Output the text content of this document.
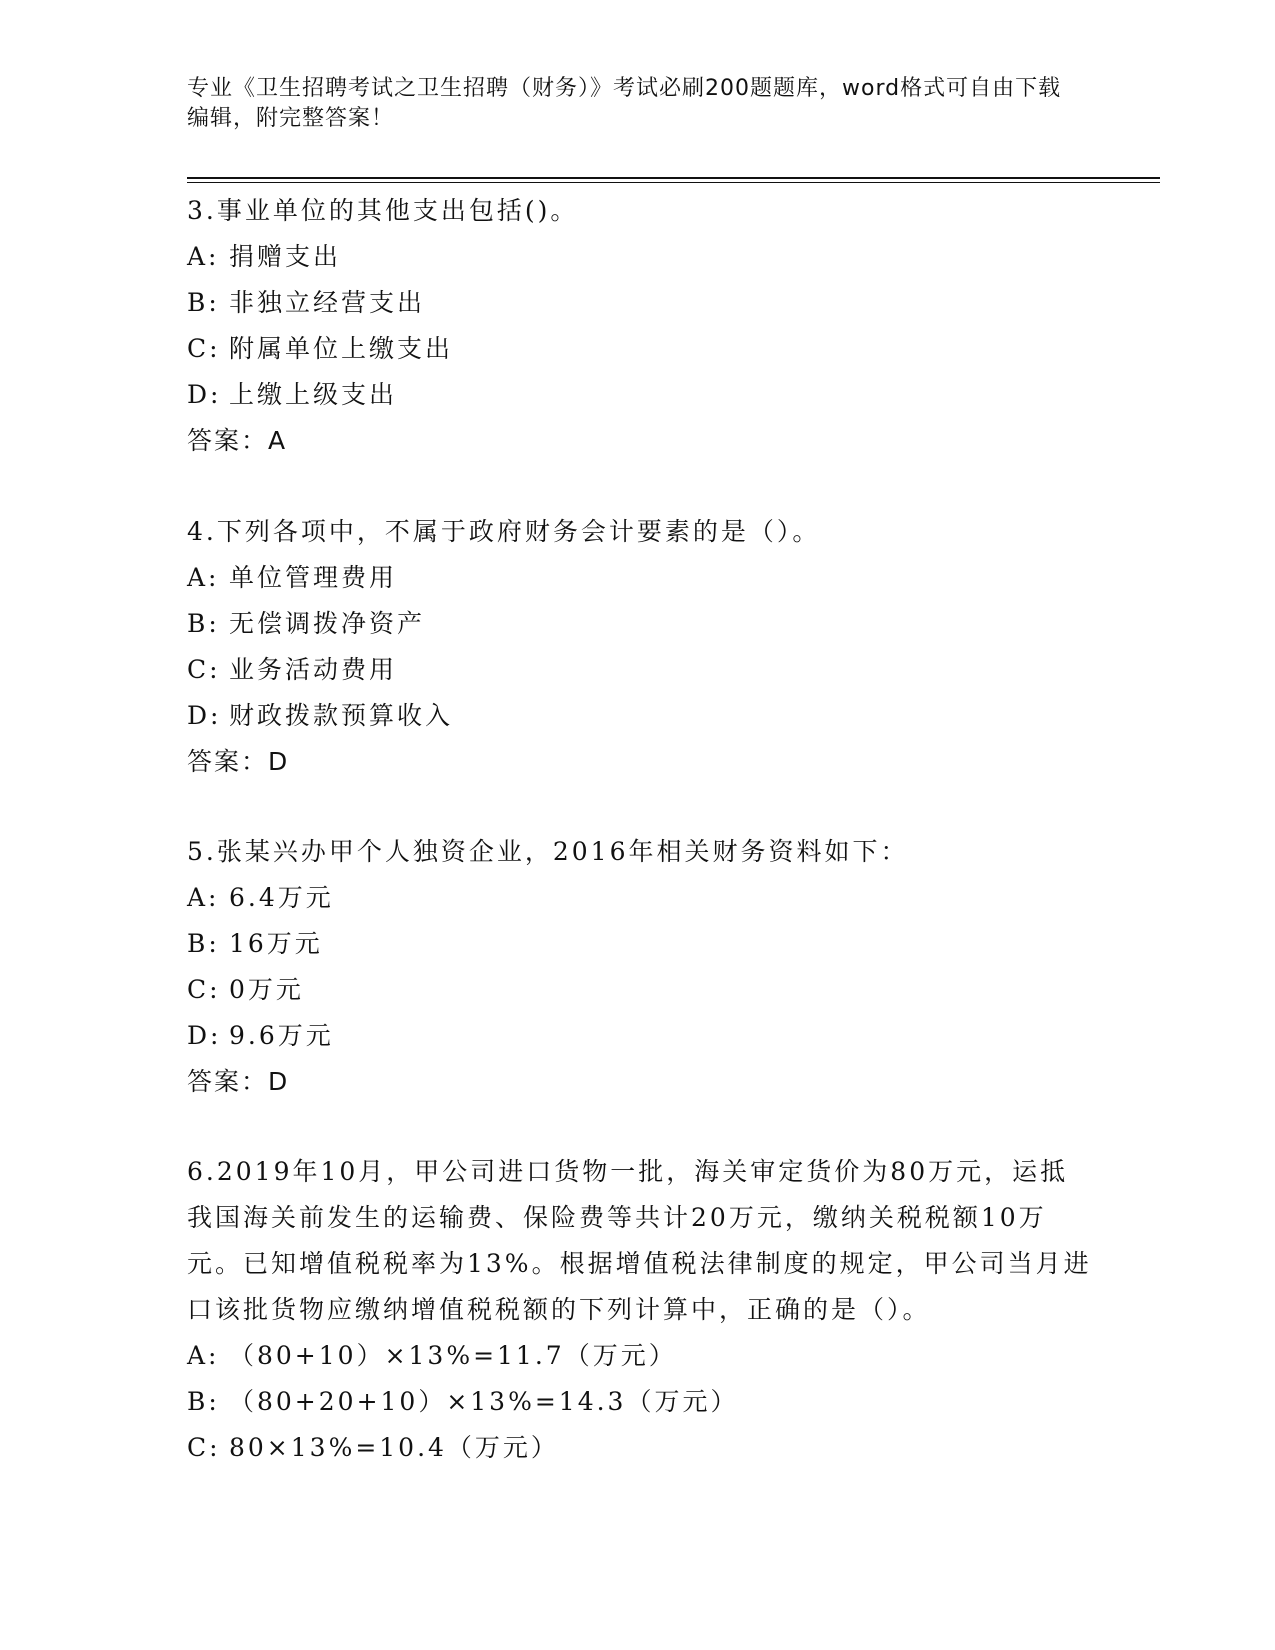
专业《卫生招聘考试之卫生招聘（财务）》考试必刷200题题库，word格式可自由下载编辑，附完整答案！

3.事业单位的其他支出包括()。

A: 捐赠支出

B: 非独立经营支出

C: 附属单位上缴支出

D: 上缴上级支出

答案：A

4.下列各项中，不属于政府财务会计要素的是（）。

A: 单位管理费用

B: 无偿调拨净资产

C: 业务活动费用

D: 财政拨款预算收入

答案：D

5.张某兴办甲个人独资企业，2016年相关财务资料如下：

A: 6.4万元

B: 16万元

C: 0万元

D: 9.6万元

答案：D

6.2019年10月，甲公司进口货物一批，海关审定货价为80万元，运抵我国海关前发生的运输费、保险费等共计20万元，缴纳关税税额10万元。已知增值税税率为13%。根据增值税法律制度的规定，甲公司当月进口该批货物应缴纳增值税税额的下列计算中，正确的是（）。

A: （80+10）×13%=11.7（万元）

B: （80+20+10）×13%=14.3（万元）

C: 80×13%=10.4（万元）
